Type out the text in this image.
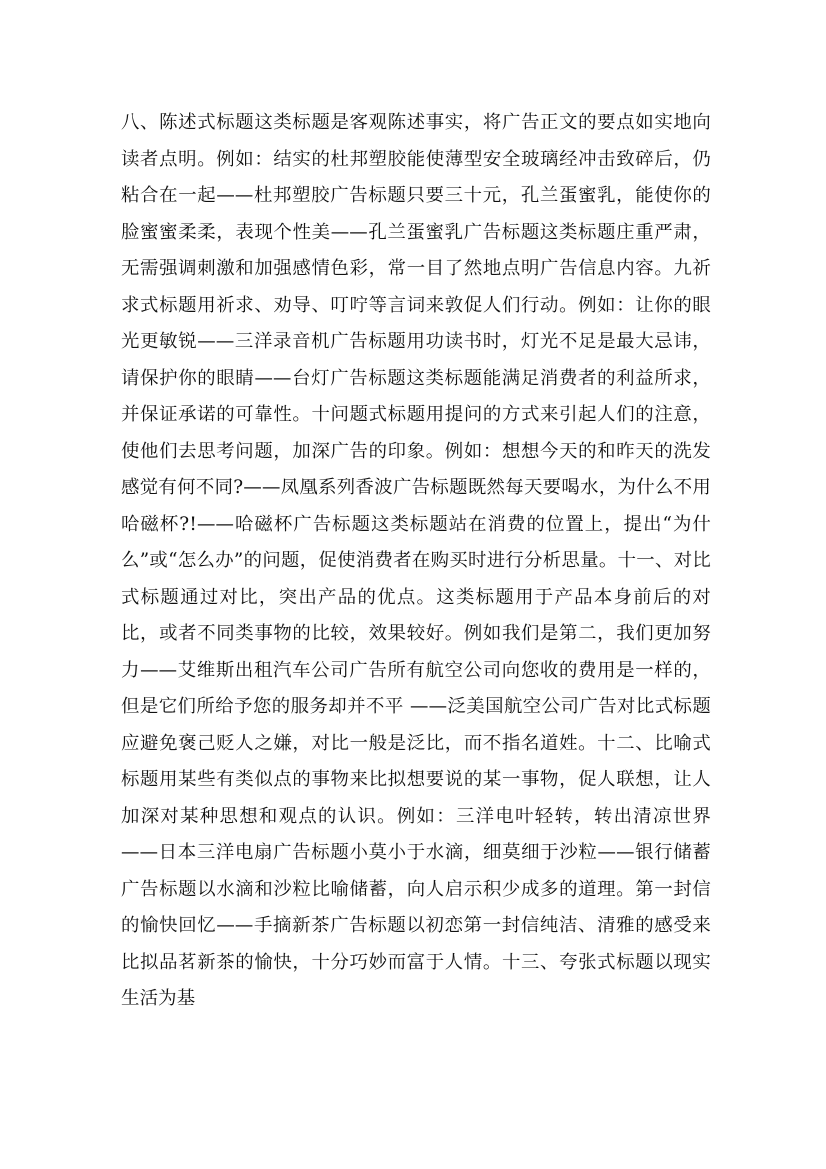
八、陈述式标题这类标题是客观陈述事实，将广告正文的要点如实地向读者点明。例如：结实的杜邦塑胶能使薄型安全玻璃经冲击致碎后，仍粘合在一起——杜邦塑胶广告标题只要三十元，孔兰蛋蜜乳，能使你的脸蜜蜜柔柔，表现个性美——孔兰蛋蜜乳广告标题这类标题庄重严肃，无需强调刺激和加强感情色彩，常一目了然地点明广告信息内容。九祈求式标题用祈求、劝导、叮咛等言词来敦促人们行动。例如：让你的眼光更敏锐——三洋录音机广告标题用功读书时，灯光不足是最大忌讳，请保护你的眼睛——台灯广告标题这类标题能满足消费者的利益所求，并保证承诺的可靠性。十问题式标题用提问的方式来引起人们的注意，使他们去思考问题，加深广告的印象。例如：想想今天的和昨天的洗发感觉有何不同?——凤凰系列香波广告标题既然每天要喝水，为什么不用哈磁杯?!——哈磁杯广告标题这类标题站在消费的位置上，提出“为什么”或“怎么办”的问题，促使消费者在购买时进行分析思量。十一、对比式标题通过对比，突出产品的优点。这类标题用于产品本身前后的对比，或者不同类事物的比较，效果较好。例如我们是第二，我们更加努力——艾维斯出租汽车公司广告所有航空公司向您收的费用是一样的，但是它们所给予您的服务却并不平 ——泛美国航空公司广告对比式标题应避免褒己贬人之嫌，对比一般是泛比，而不指名道姓。十二、比喻式标题用某些有类似点的事物来比拟想要说的某一事物，促人联想，让人加深对某种思想和观点的认识。例如：三洋电叶轻转，转出清凉世界——日本三洋电扇广告标题小莫小于水滴，细莫细于沙粒——银行储蓄广告标题以水滴和沙粒比喻储蓄，向人启示积少成多的道理。第一封信的愉快回忆——手摘新茶广告标题以初恋第一封信纯洁、清雅的感受来比拟品茗新茶的愉快，十分巧妙而富于人情。十三、夸张式标题以现实生活为基
